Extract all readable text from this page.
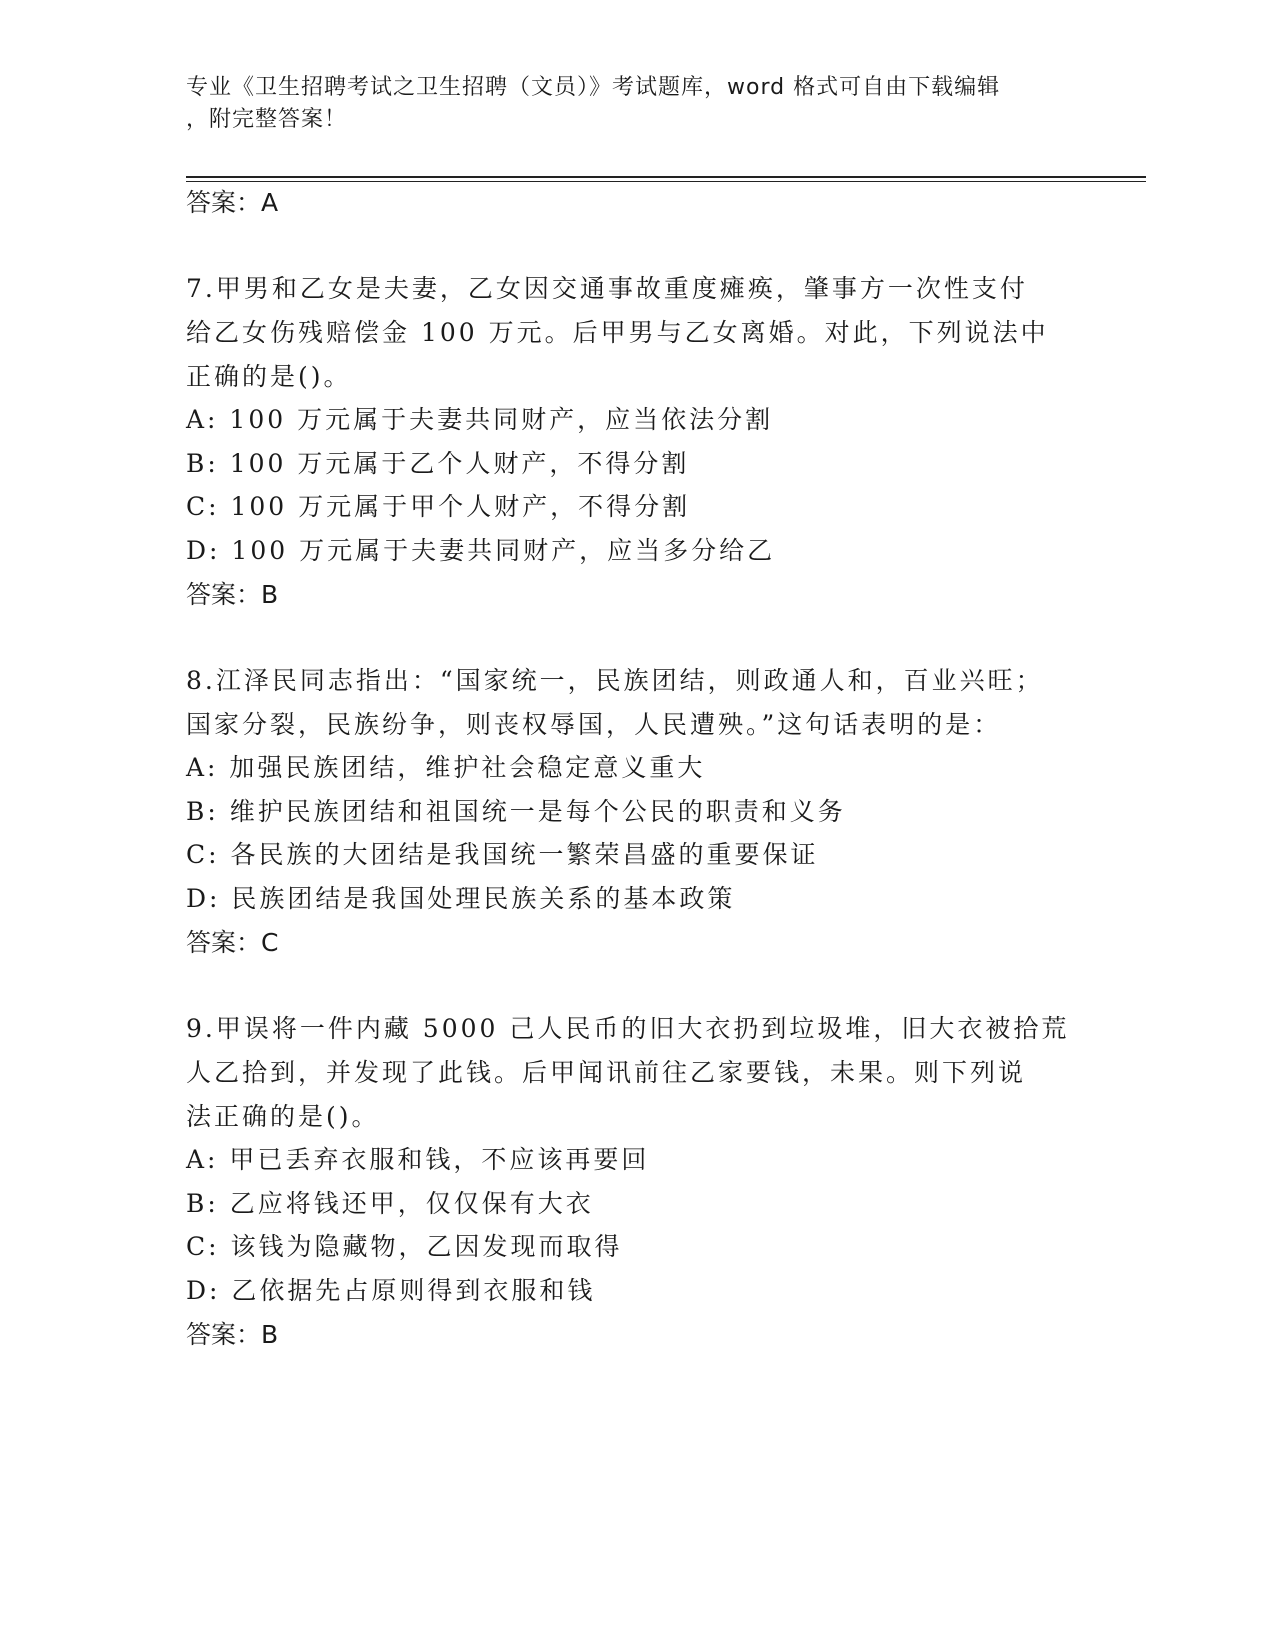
专业《卫生招聘考试之卫生招聘（文员）》考试题库，word 格式可自由下载编辑
，附完整答案！
答案：A
7.甲男和乙女是夫妻，乙女因交通事故重度瘫痪，肇事方一次性支付
给乙女伤残赔偿金 100 万元。后甲男与乙女离婚。对此，下列说法中
正确的是()。
A: 100 万元属于夫妻共同财产，应当依法分割
B: 100 万元属于乙个人财产，不得分割
C: 100 万元属于甲个人财产，不得分割
D: 100 万元属于夫妻共同财产，应当多分给乙
答案：B
8.江泽民同志指出：“国家统一，民族团结，则政通人和，百业兴旺；
国家分裂，民族纷争，则丧权辱国，人民遭殃。”这句话表明的是：
A: 加强民族团结，维护社会稳定意义重大
B: 维护民族团结和祖国统一是每个公民的职责和义务
C: 各民族的大团结是我国统一繁荣昌盛的重要保证
D: 民族团结是我国处理民族关系的基本政策
答案：C
9.甲误将一件内藏 5000 己人民币的旧大衣扔到垃圾堆，旧大衣被拾荒
人乙拾到，并发现了此钱。后甲闻讯前往乙家要钱，未果。则下列说
法正确的是()。
A: 甲已丢弃衣服和钱，不应该再要回
B: 乙应将钱还甲，仅仅保有大衣
C: 该钱为隐藏物，乙因发现而取得
D: 乙依据先占原则得到衣服和钱
答案：B
